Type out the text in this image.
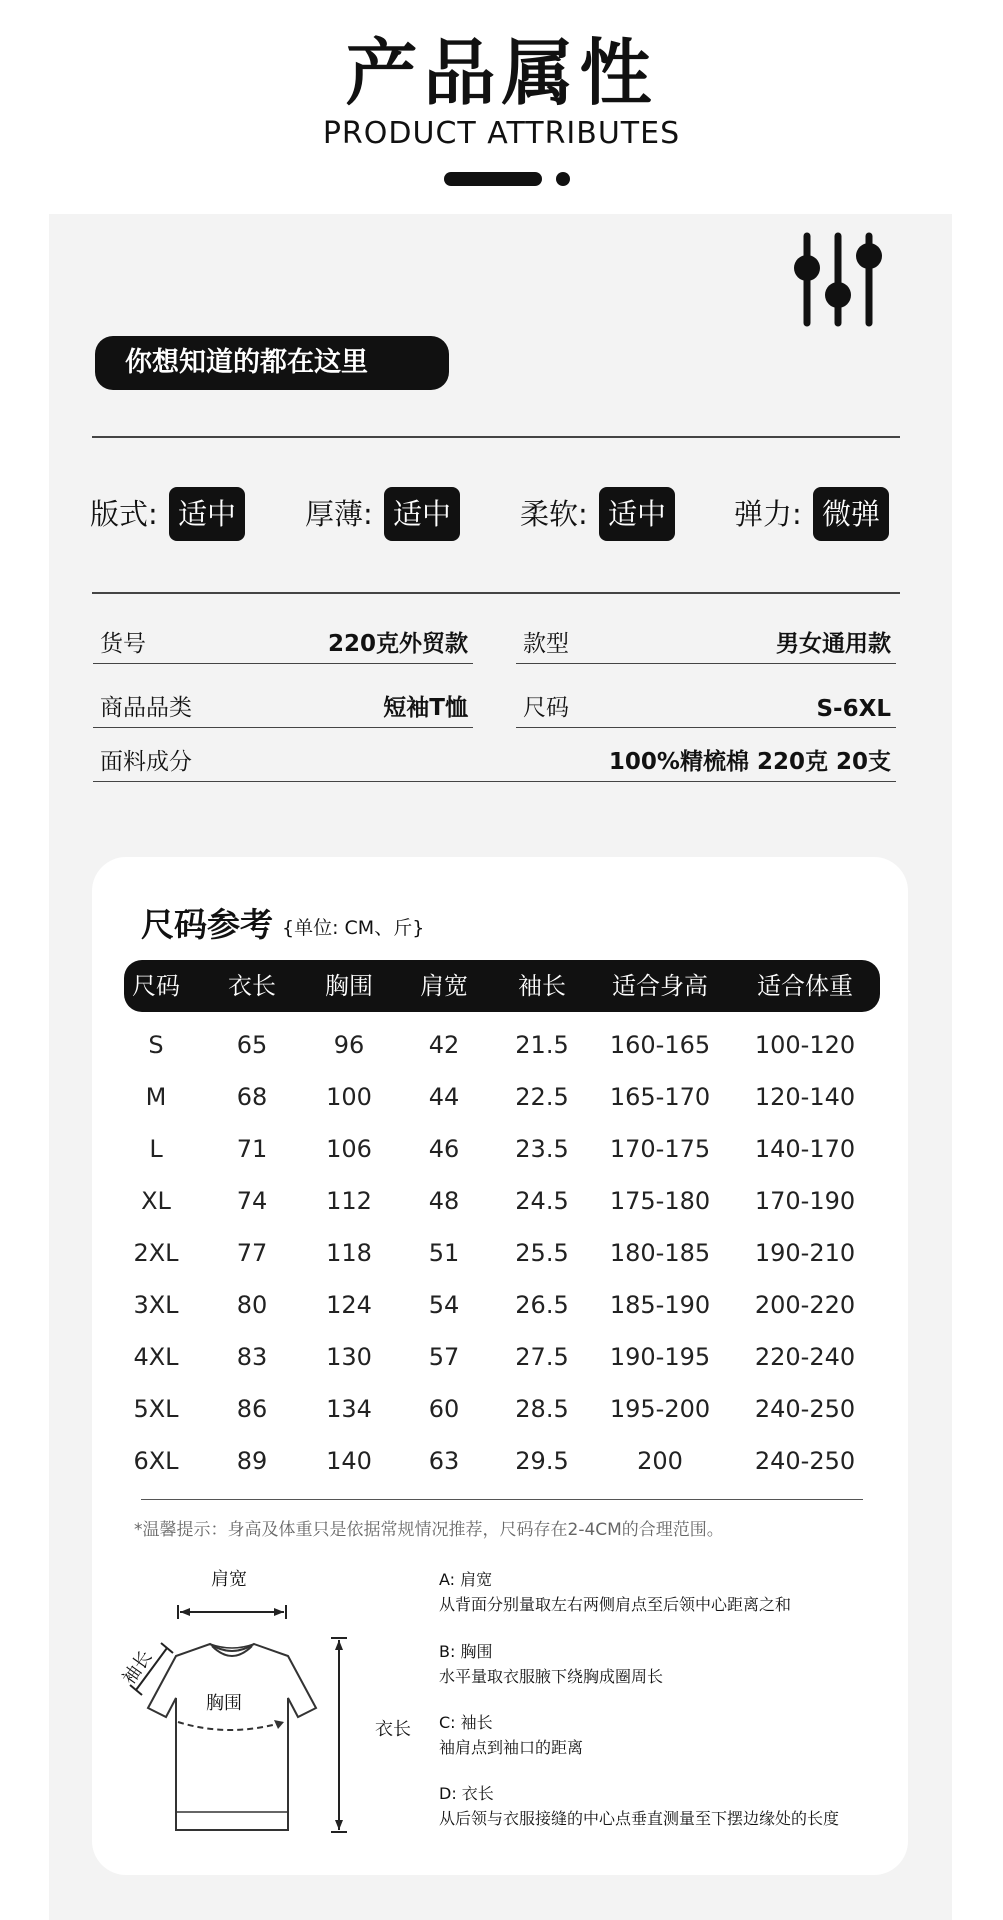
产品属性
PRODUCT ATTRIBUTES
你想知道的都在这里
版式: 适中	厚薄: 适中	柔软: 适中	弹力: 微弹
货号	220克外贸款 款型	男女通用款
商品品类	短袖T恤 尺码	S-6XL
面料成分	100%精梳棉 220克 20支
尺码参考 {单位: CM、斤}
尺码 衣长 胸围 肩宽 袖长 适合身高 适合体重
S	65	96	42 21.5 160-165 100-120
M	68 100 44 22.5 165-170 120-140
L	71 106 46 23.5 170-175 140-170
XL	74 112 48 24.5 175-180 170-190
2XL 77 118 51 25.5 180-185 190-210
3XL 80 124 54 26.5 185-190 200-220
4XL 83 130 57 27.5 190-195 220-240
5XL 86 134 60 28.5 195-200 240-250
6XL 89 140 63 29.5	200	240-250
*温馨提示：身高及体重只是依据常规情况推荐，尺码存在2-4CM的合理范围。
肩宽
袖长
胸围
衣长
A: 肩宽
从背面分别量取左右两侧肩点至后领中心距离之和
B: 胸围
水平量取衣服腋下绕胸成圈周长
C: 袖长
袖肩点到袖口的距离
D: 衣长
从后领与衣服接缝的中心点垂直测量至下摆边缘处的长度
